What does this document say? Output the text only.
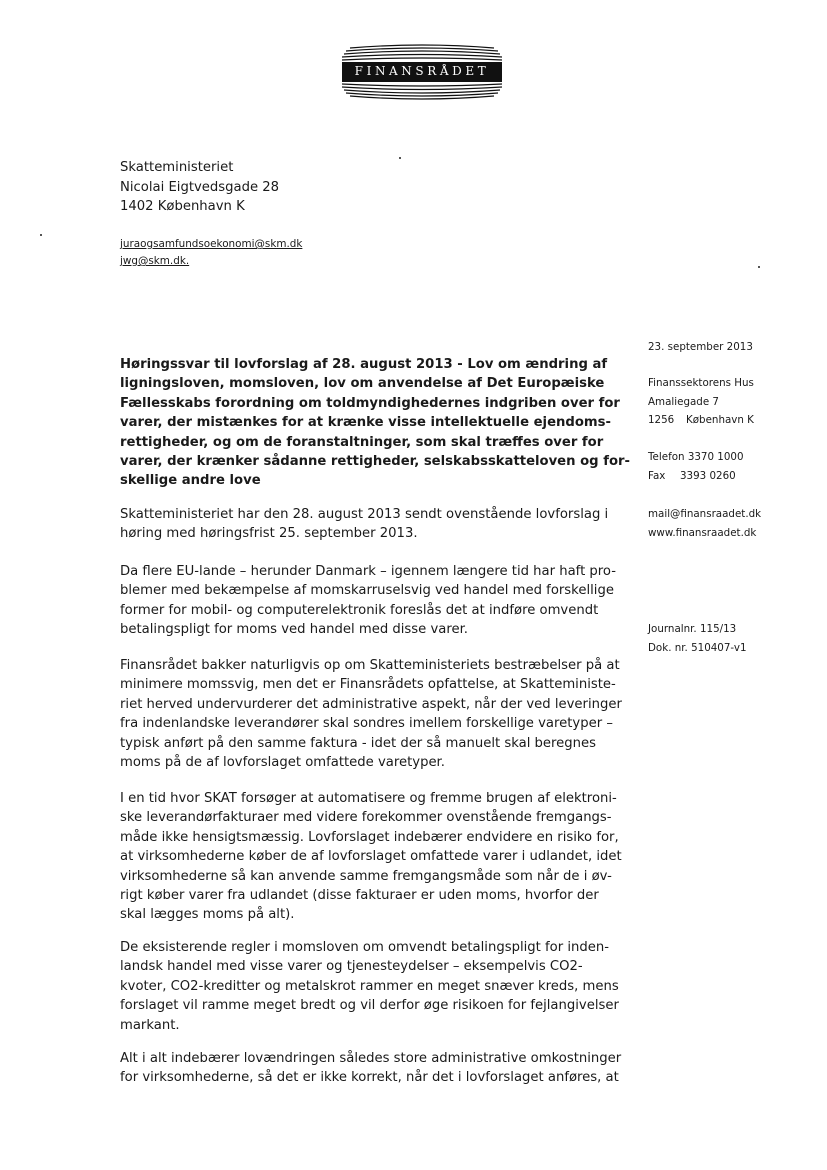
FINANSRÅDET
Skatteministeriet
Nicolai Eigtvedsgade 28
1402 København K
juraogsamfundsoekonomi@skm.dk
jwg@skm.dk.
23. september 2013
Finanssektorens Hus
Amaliegade 7
1256 København K
Telefon 3370 1000
Fax 3393 0260
mail@finansraadet.dk
www.finansraadet.dk
Journalnr. 115/13
Dok. nr. 510407-v1
Høringssvar til lovforslag af 28. august 2013 - Lov om ændring af
ligningsloven, momsloven, lov om anvendelse af Det Europæiske
Fællesskabs forordning om toldmyndighedernes indgriben over for
varer, der mistænkes for at krænke visse intellektuelle ejendoms-
rettigheder, og om de foranstaltninger, som skal træffes over for
varer, der krænker sådanne rettigheder, selskabsskatteloven og for-
skellige andre love
Skatteministeriet har den 28. august 2013 sendt ovenstående lovforslag i
høring med høringsfrist 25. september 2013.
Da flere EU-lande – herunder Danmark – igennem længere tid har haft pro-
blemer med bekæmpelse af momskarruselsvig ved handel med forskellige
former for mobil- og computerelektronik foreslås det at indføre omvendt
betalingspligt for moms ved handel med disse varer.
Finansrådet bakker naturligvis op om Skatteministeriets bestræbelser på at
minimere momssvig, men det er Finansrådets opfattelse, at Skatteministe-
riet herved undervurderer det administrative aspekt, når der ved leveringer
fra indenlandske leverandører skal sondres imellem forskellige varetyper –
typisk anført på den samme faktura - idet der så manuelt skal beregnes
moms på de af lovforslaget omfattede varetyper.
I en tid hvor SKAT forsøger at automatisere og fremme brugen af elektroni-
ske leverandørfakturaer med videre forekommer ovenstående fremgangs-
måde ikke hensigtsmæssig. Lovforslaget indebærer endvidere en risiko for,
at virksomhederne køber de af lovforslaget omfattede varer i udlandet, idet
virksomhederne så kan anvende samme fremgangsmåde som når de i øv-
rigt køber varer fra udlandet (disse fakturaer er uden moms, hvorfor der
skal lægges moms på alt).
De eksisterende regler i momsloven om omvendt betalingspligt for inden-
landsk handel med visse varer og tjenesteydelser – eksempelvis CO2-
kvoter, CO2-kreditter og metalskrot rammer en meget snæver kreds, mens
forslaget vil ramme meget bredt og vil derfor øge risikoen for fejlangivelser
markant.
Alt i alt indebærer lovændringen således store administrative omkostninger
for virksomhederne, så det er ikke korrekt, når det i lovforslaget anføres, at
